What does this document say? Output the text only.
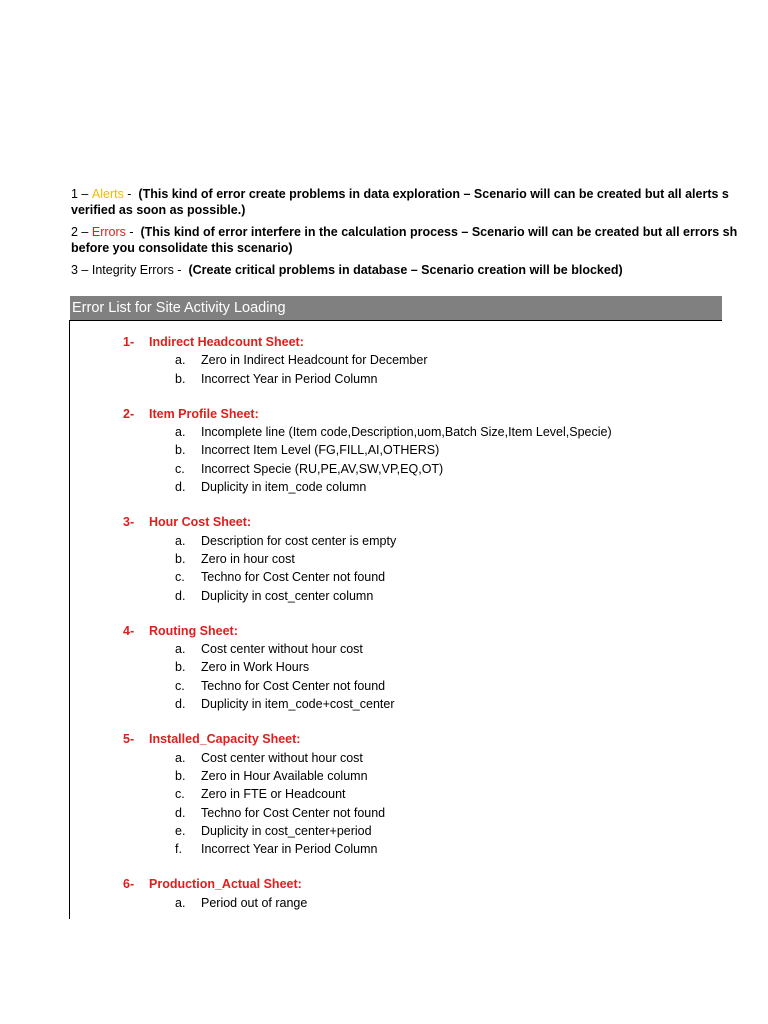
1 – Alerts - (This kind of error create problems in data exploration – Scenario will can be created but all alerts s
verified as soon as possible.)
2 – Errors - (This kind of error interfere in the calculation process – Scenario will can be created but all errors sh
before you consolidate this scenario)
3 – Integrity Errors - (Create critical problems in database – Scenario creation will be blocked)
Error List for Site Activity Loading
1- Indirect Headcount Sheet:
a. Zero in Indirect Headcount for December
b. Incorrect Year in Period Column
2- Item Profile Sheet:
a. Incomplete line (Item code,Description,uom,Batch Size,Item Level,Specie)
b. Incorrect Item Level (FG,FILL,AI,OTHERS)
c. Incorrect Specie (RU,PE,AV,SW,VP,EQ,OT)
d. Duplicity in item_code column
3- Hour Cost Sheet:
a. Description for cost center is empty
b. Zero in hour cost
c. Techno for Cost Center not found
d. Duplicity in cost_center column
4- Routing Sheet:
a. Cost center without hour cost
b. Zero in Work Hours
c. Techno for Cost Center not found
d. Duplicity in item_code+cost_center
5- Installed_Capacity Sheet:
a. Cost center without hour cost
b. Zero in Hour Available column
c. Zero in FTE or Headcount
d. Techno for Cost Center not found
e. Duplicity in cost_center+period
f. Incorrect Year in Period Column
6- Production_Actual Sheet:
a. Period out of range
